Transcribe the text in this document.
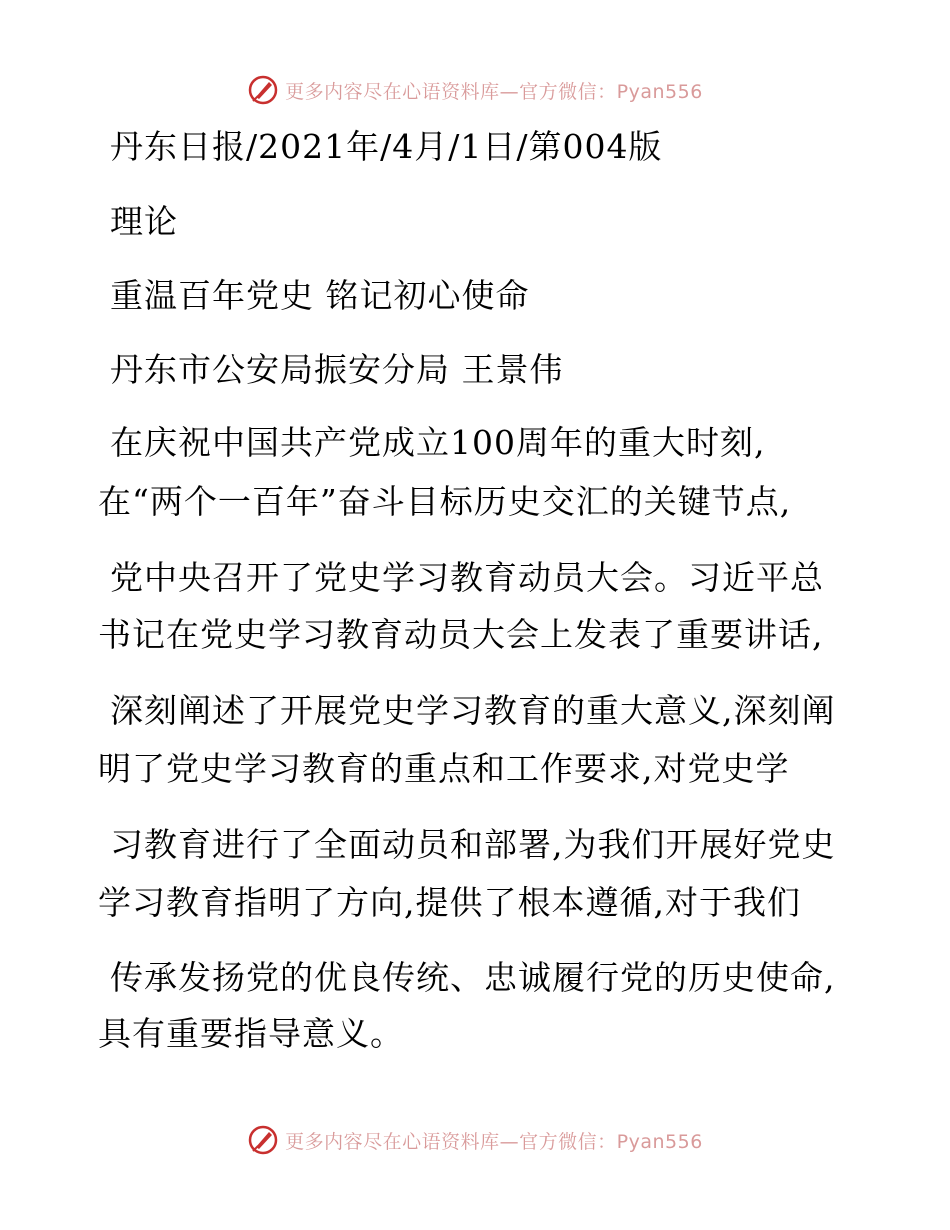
更多内容尽在心语资料库—官方微信：Pyan556
丹东日报/2021年/4月/1日/第004版
理论
重温百年党史 铭记初心使命
丹东市公安局振安分局 王景伟
在庆祝中国共产党成立100周年的重大时刻,
在“两个一百年”奋斗目标历史交汇的关键节点,
党中央召开了党史学习教育动员大会。习近平总
书记在党史学习教育动员大会上发表了重要讲话,
深刻阐述了开展党史学习教育的重大意义,深刻阐
明了党史学习教育的重点和工作要求,对党史学
习教育进行了全面动员和部署,为我们开展好党史
学习教育指明了方向,提供了根本遵循,对于我们
传承发扬党的优良传统、忠诚履行党的历史使命,
具有重要指导意义。
更多内容尽在心语资料库—官方微信：Pyan556
